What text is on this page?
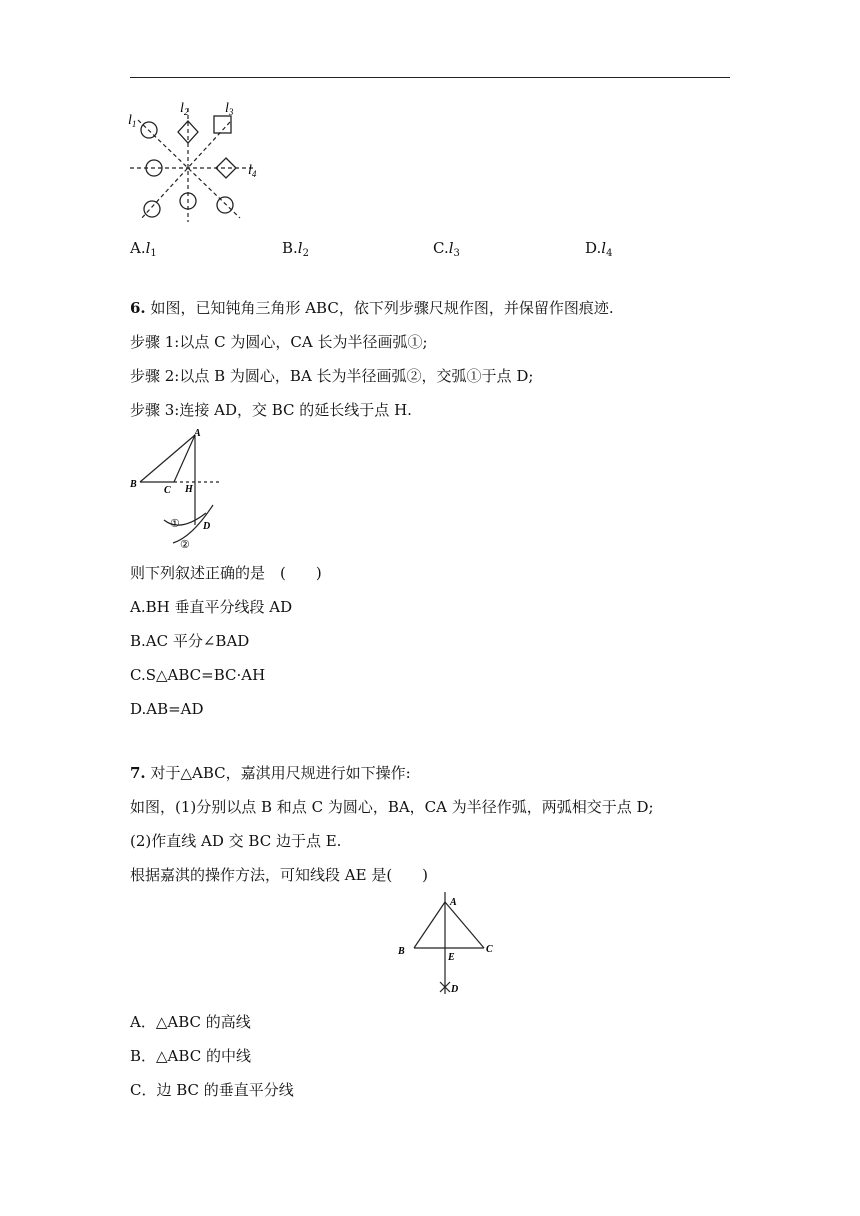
$l_1$
$l_2$	$l_3$
$l_4$
$A.l_1$	$B.l_2$	$C.l_3$	$D.l_4$
6. 如图，已知钝角三角形 ABC，依下列步骤尺规作图，并保留作图痕迹.
步骤 1:以点 C 为圆心，CA 长为半径画弧①;
步骤 2:以点 B 为圆心，BA 长为半径画弧②，交弧①于点 D;
步骤 3:连接 AD，交 BC 的延长线于点 H.
A
B
C H
D
①
②
则下列叙述正确的是　(　　)
A.BH 垂直平分线段 AD
B.AC 平分∠BAD
C.S△ABC=BC·AH
D.AB=AD
7. 对于△ABC，嘉淇用尺规进行如下操作:
如图，(1)分别以点 B 和点 C 为圆心，BA，CA 为半径作弧，两弧相交于点 D;
(2)作直线 AD 交 BC 边于点 E.
根据嘉淇的操作方法，可知线段 AE 是(　　)
A
B	C
E
D
A．△ABC 的高线
B．△ABC 的中线
C．边 BC 的垂直平分线
